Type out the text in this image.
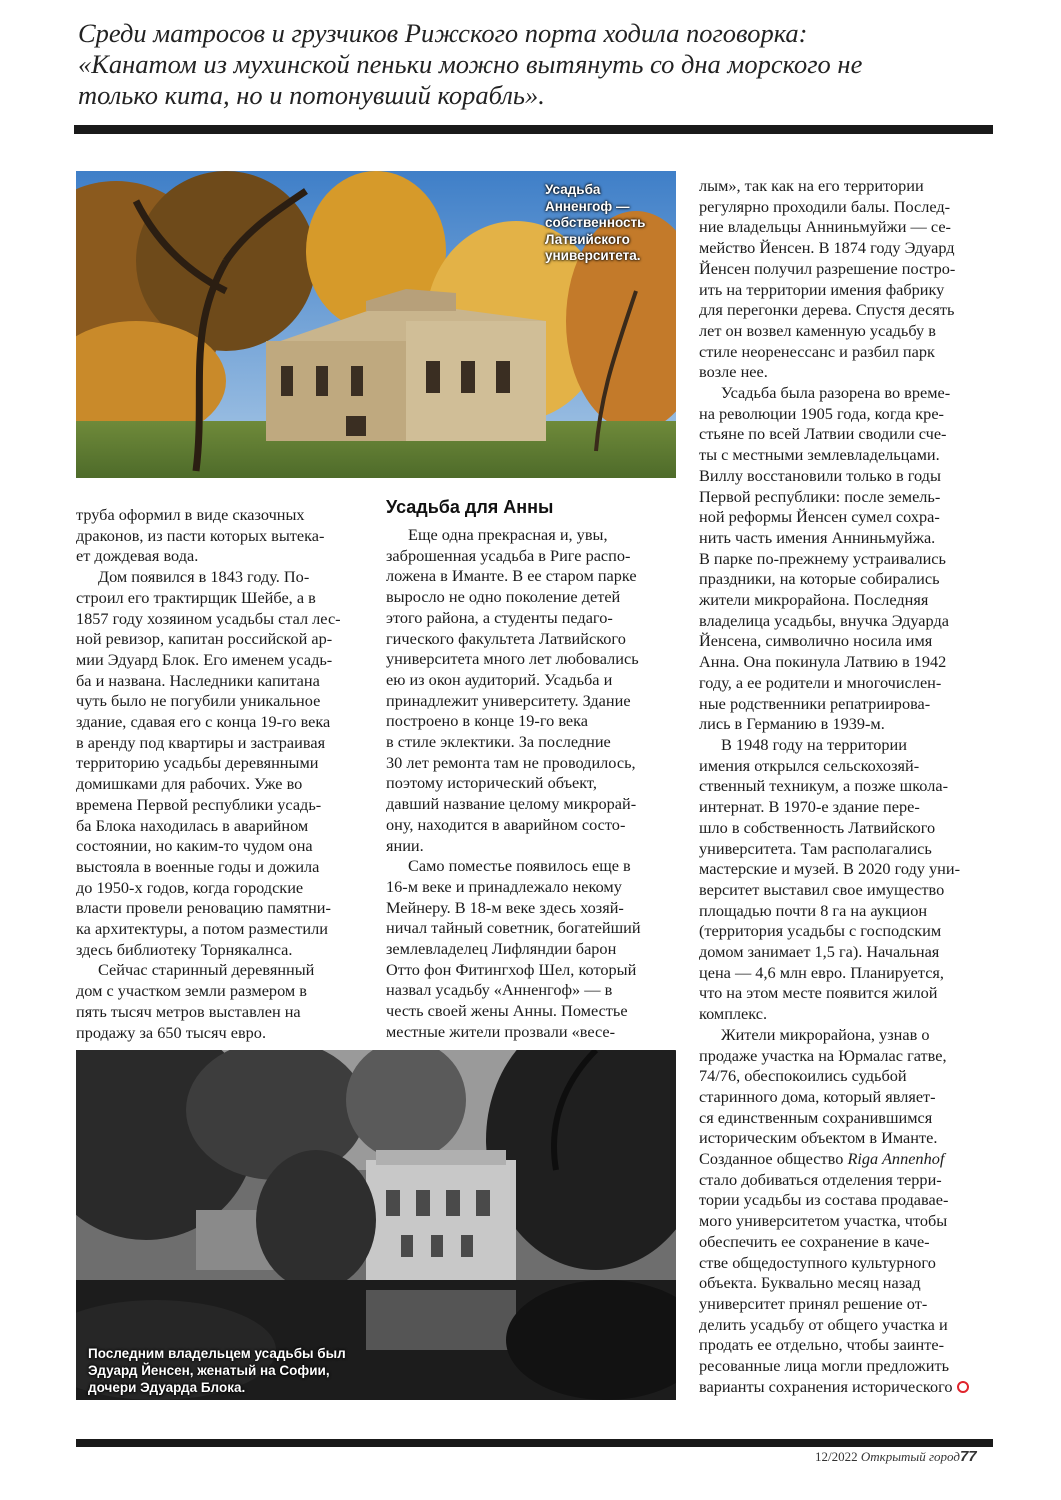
Среди матросов и грузчиков Рижского порта ходила поговорка:
«Канатом из мухинской пеньки можно вытянуть со дна морского не
только кита, но и потонувший корабль».
Усадьба
Анненгоф —
собственность
Латвийского
университета.
Усадьба для Анны
труба оформил в виде сказочных
драконов, из пасти которых вытека-
ет дождевая вода.
Дом появился в 1843 году. По-
строил его трактирщик Шейбе, а в
1857 году хозяином усадьбы стал лес-
ной ревизор, капитан российской ар-
мии Эдуард Блок. Его именем усадь-
ба и названа. Наследники капитана
чуть было не погубили уникальное
здание, сдавая его с конца 19-го века
в аренду под квартиры и застраивая
территорию усадьбы деревянными
домишками для рабочих. Уже во
времена Первой республики усадь-
ба Блока находилась в аварийном
состоянии, но каким-то чудом она
выстояла в военные годы и дожила
до 1950-х годов, когда городские
власти провели реновацию памятни-
ка архитектуры, а потом разместили
здесь библиотеку Торнякалнса.
Сейчас старинный деревянный
дом с участком земли размером в
пять тысяч метров выставлен на
продажу за 650 тысяч евро.
Еще одна прекрасная и, увы,
заброшенная усадьба в Риге распо-
ложена в Иманте. В ее старом парке
выросло не одно поколение детей
этого района, а студенты педаго-
гического факультета Латвийского
университета много лет любовались
ею из окон аудиторий. Усадьба и
принадлежит университету. Здание
построено в конце 19-го века
в стиле эклектики. За последние
30 лет ремонта там не проводилось,
поэтому исторический объект,
давший название целому микрорай-
ону, находится в аварийном состо-
янии.
Само поместье появилось еще в
16-м веке и принадлежало некому
Мейнеру. В 18-м веке здесь хозяй-
ничал тайный советник, богатейший
землевладелец Лифляндии барон
Отто фон Фитингхоф Шел, который
назвал усадьбу «Анненгоф» — в
честь своей жены Анны. Поместье
местные жители прозвали «весе-
лым», так как на его территории
регулярно проходили балы. Послед-
ние владельцы Анниньмуйжи — се-
мейство Йенсен. В 1874 году Эдуард
Йенсен получил разрешение постро-
ить на территории имения фабрику
для перегонки дерева. Спустя десять
лет он возвел каменную усадьбу в
стиле неоренессанс и разбил парк
возле нее.
Усадьба была разорена во време-
на революции 1905 года, когда кре-
стьяне по всей Латвии сводили сче-
ты с местными землевладельцами.
Виллу восстановили только в годы
Первой республики: после земель-
ной реформы Йенсен сумел сохра-
нить часть имения Анниньмуйжа.
В парке по-прежнему устраивались
праздники, на которые собирались
жители микрорайона. Последняя
владелица усадьбы, внучка Эдуарда
Йенсена, символично носила имя
Анна. Она покинула Латвию в 1942
году, а ее родители и многочислен-
ные родственники репатриирова-
лись в Германию в 1939-м.
В 1948 году на территории
имения открылся сельскохозяй-
ственный техникум, а позже школа-
интернат. В 1970-е здание пере-
шло в собственность Латвийского
университета. Там располагались
мастерские и музей. В 2020 году уни-
верситет выставил свое имущество
площадью почти 8 га на аукцион
(территория усадьбы с господским
домом занимает 1,5 га). Начальная
цена — 4,6 млн евро. Планируется,
что на этом месте появится жилой
комплекс.
Жители микрорайона, узнав о
продаже участка на Юрмалас гатве,
74/76, обеспокоились судьбой
старинного дома, который являет-
ся единственным сохранившимся
историческим объектом в Иманте.
Созданное общество Riga Annenhof
стало добиваться отделения терри-
тории усадьбы из состава продавае-
мого университетом участка, чтобы
обеспечить ее сохранение в каче-
стве общедоступного культурного
объекта. Буквально месяц назад
университет принял решение от-
делить усадьбу от общего участка и
продать ее отдельно, чтобы заинте-
ресованные лица могли предложить
варианты сохранения исторического
Последним владельцем усадьбы был
Эдуард Йенсен, женатый на Софии,
дочери Эдуарда Блока.
12/2022 Открытый город77
